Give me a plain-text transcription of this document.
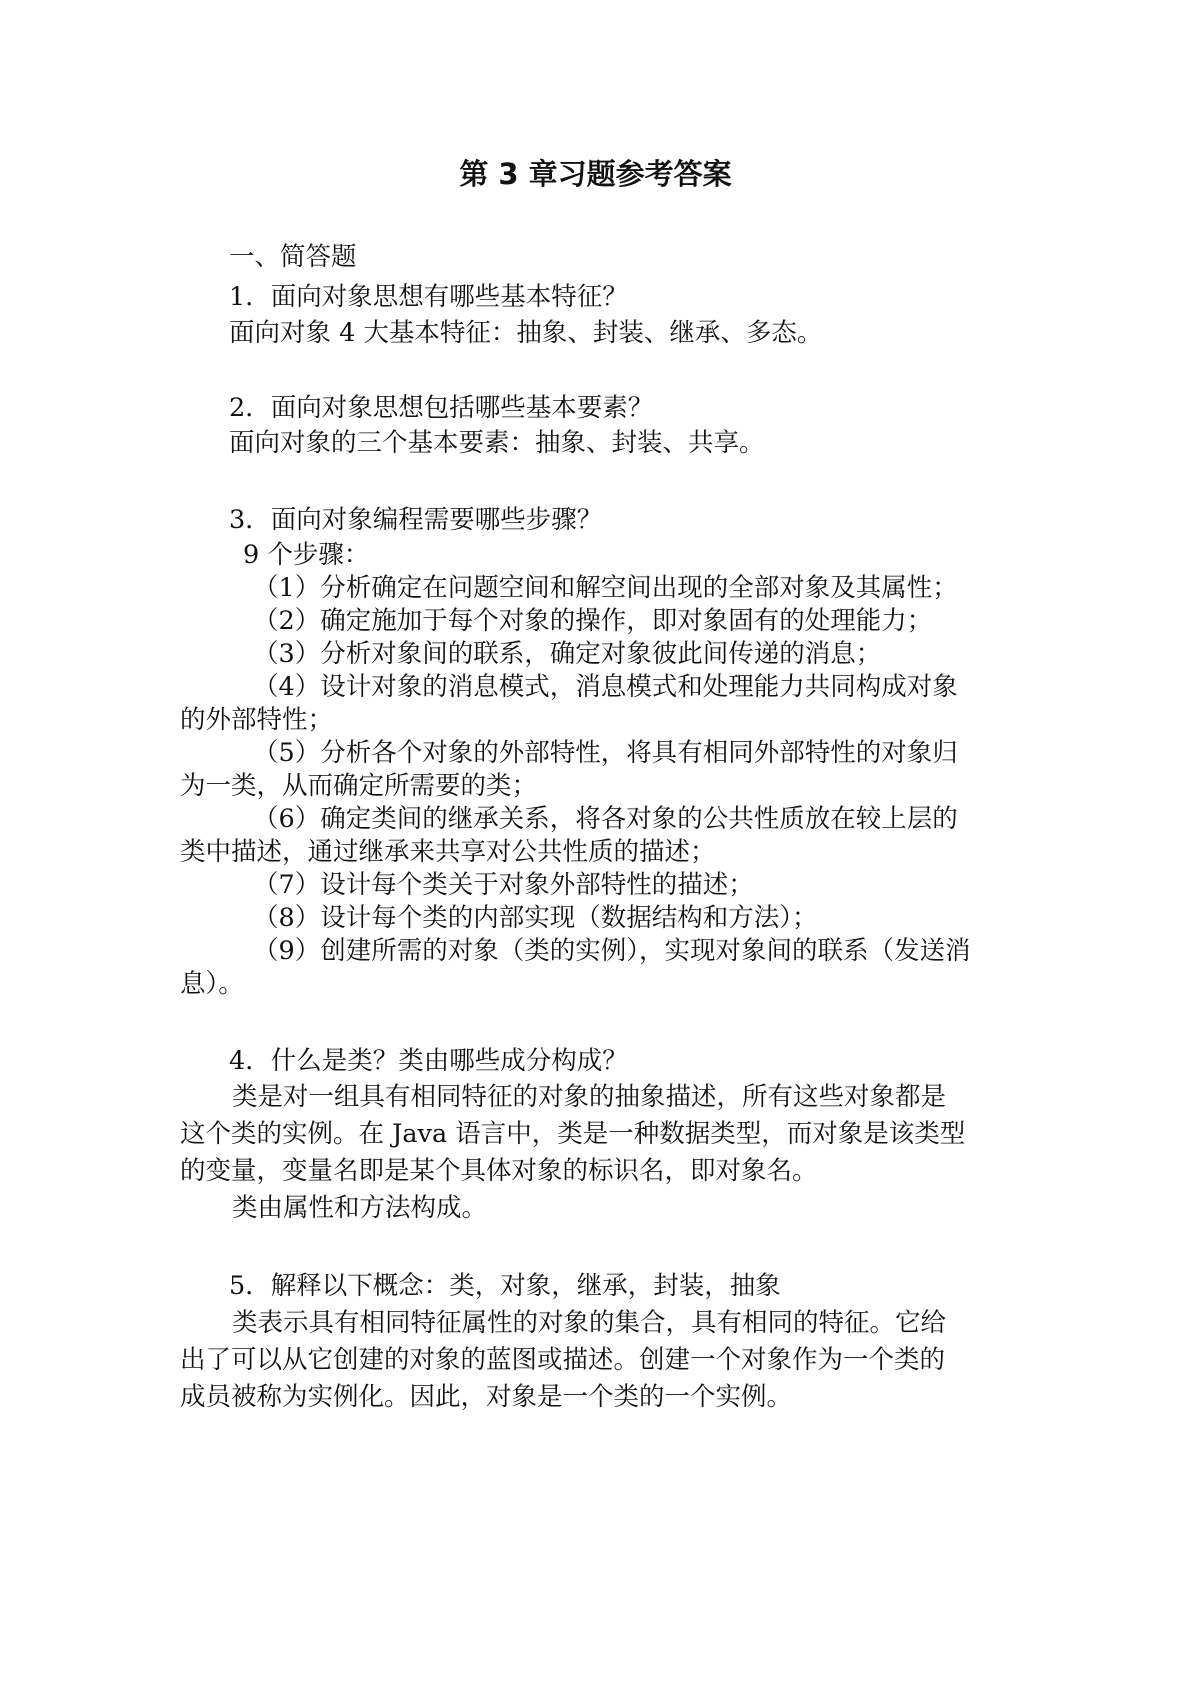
第 3 章习题参考答案
一、简答题
1．面向对象思想有哪些基本特征？
面向对象 4 大基本特征：抽象、封装、继承、多态。
2．面向对象思想包括哪些基本要素？
面向对象的三个基本要素：抽象、封装、共享。
3．面向对象编程需要哪些步骤？
9 个步骤：
（1）分析确定在问题空间和解空间出现的全部对象及其属性；
（2）确定施加于每个对象的操作，即对象固有的处理能力；
（3）分析对象间的联系，确定对象彼此间传递的消息；
（4）设计对象的消息模式，消息模式和处理能力共同构成对象
的外部特性；
（5）分析各个对象的外部特性，将具有相同外部特性的对象归
为一类，从而确定所需要的类；
（6）确定类间的继承关系，将各对象的公共性质放在较上层的
类中描述，通过继承来共享对公共性质的描述；
（7）设计每个类关于对象外部特性的描述；
（8）设计每个类的内部实现（数据结构和方法）；
（9）创建所需的对象（类的实例），实现对象间的联系（发送消
息）。
4．什么是类？类由哪些成分构成？
类是对一组具有相同特征的对象的抽象描述，所有这些对象都是
这个类的实例。在 Java 语言中，类是一种数据类型，而对象是该类型
的变量，变量名即是某个具体对象的标识名，即对象名。
类由属性和方法构成。
5．解释以下概念：类，对象，继承，封装，抽象
类表示具有相同特征属性的对象的集合，具有相同的特征。它给
出了可以从它创建的对象的蓝图或描述。创建一个对象作为一个类的
成员被称为实例化。因此，对象是一个类的一个实例。
